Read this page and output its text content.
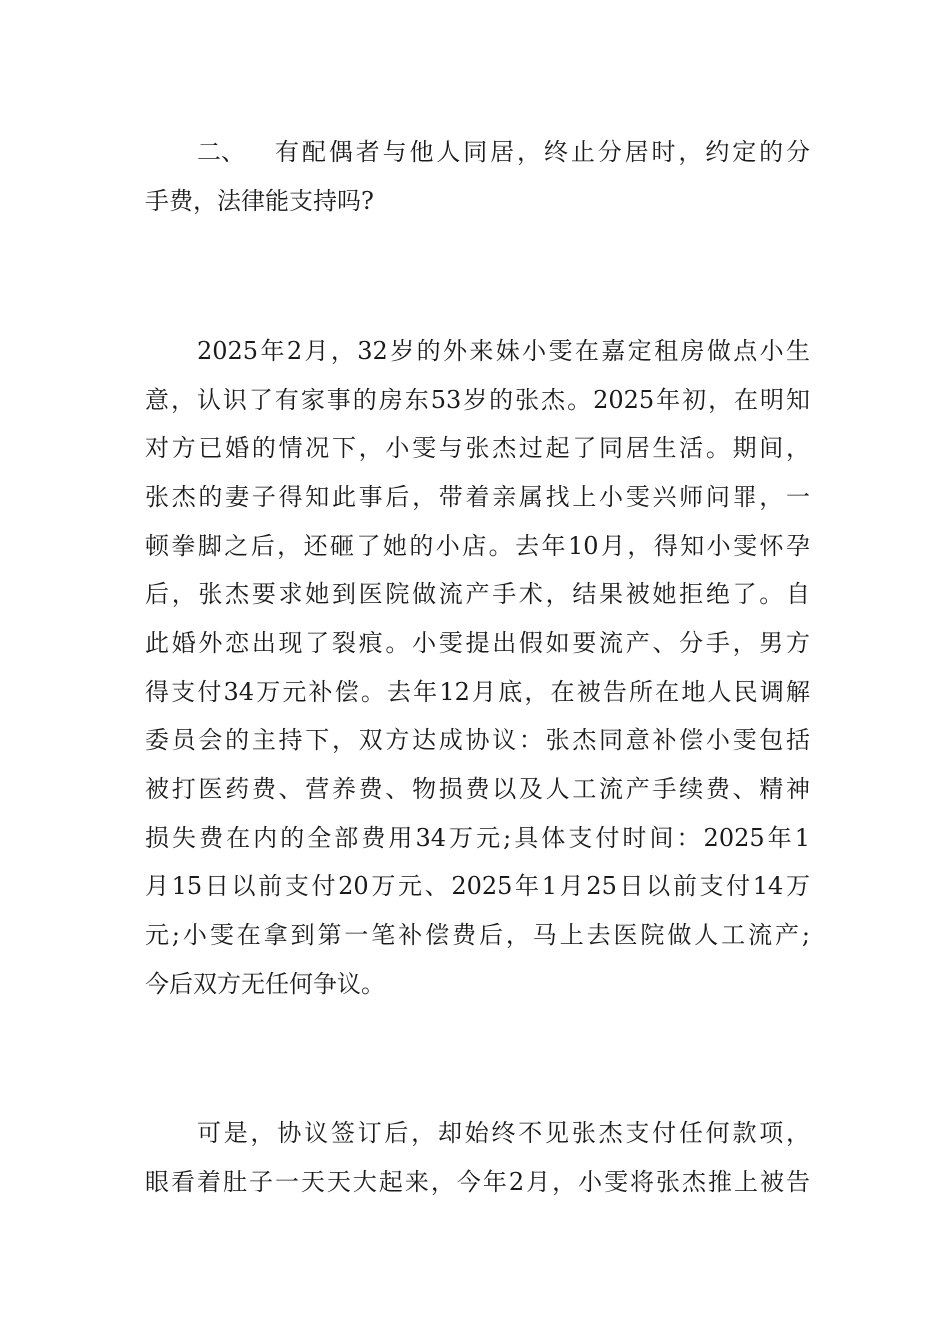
二、 有配偶者与他人同居，终止分居时，约定的分
手费，法律能支持吗?
2025年2月，32岁的外来妹小雯在嘉定租房做点小生
意，认识了有家事的房东53岁的张杰。2025年初，在明知
对方已婚的情况下，小雯与张杰过起了同居生活。期间，
张杰的妻子得知此事后，带着亲属找上小雯兴师问罪，一
顿拳脚之后，还砸了她的小店。去年10月，得知小雯怀孕
后，张杰要求她到医院做流产手术，结果被她拒绝了。自
此婚外恋出现了裂痕。小雯提出假如要流产、分手，男方
得支付34万元补偿。去年12月底，在被告所在地人民调解
委员会的主持下，双方达成协议：张杰同意补偿小雯包括
被打医药费、营养费、物损费以及人工流产手续费、精神
损失费在内的全部费用34万元;具体支付时间：2025年1
月15日以前支付20万元、2025年1月25日以前支付14万
元;小雯在拿到第一笔补偿费后，马上去医院做人工流产;
今后双方无任何争议。
可是，协议签订后，却始终不见张杰支付任何款项，
眼看着肚子一天天大起来，今年2月，小雯将张杰推上被告
